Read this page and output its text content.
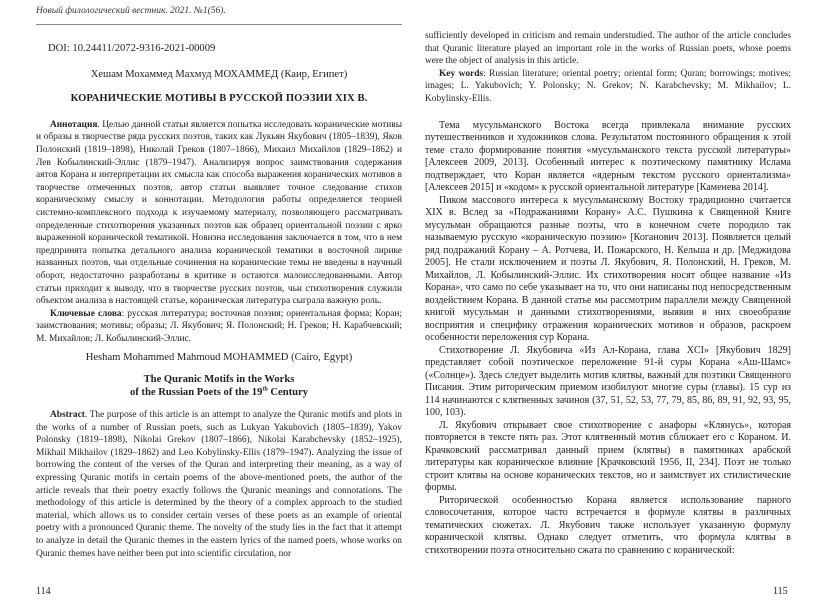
Новый филологический вестник. 2021. №1(56).

DOI: 10.24411/2072-9316-2021-00009

Хешам Мохаммед Махмуд МОХАММЕД (Каир, Египет)

КОРАНИЧЕСКИЕ МОТИВЫ В РУССКОЙ ПОЭЗИИ XIX В.

Аннотация. Целью данной статьи является попытка исследовать коранические мотивы и образы в творчестве ряда русских поэтов, таких как Лукьян Якубович (1805–1839), Яков Полонский (1819–1898), Николай Греков (1807–1866), Михаил Михайлов (1829–1862) и Лев Кобылинский-Эллис (1879–1947). Анализируя вопрос заимствования содержания аятов Корана и интерпретации их смысла как способа выражения коранических мотивов в творчестве отмеченных поэтов, автор статьи выявляет точное следование стихов кораническому смыслу и коннотации. Методология работы определяется теорией системно-комплексного подхода к изучаемому материалу, позволяющего рассматривать определенные стихотворения указанных поэтов как образец ориентальной поэзии с ярко выраженной коранической тематикой. Новизна исследования заключается в том, что в нем предпринята попытка детального анализа коранической тематики в восточной лирике названных поэтов, чьи отдельные сочинения на коранические темы не введены в научный оборот, недостаточно разработаны в критике и остаются малоисследованными. Автор статьи приходит к выводу, что в творчестве русских поэтов, чьи стихотворения служили объектом анализа в настоящей статье, кораническая литература сыграла важную роль.

Ключевые слова: русская литература; восточная поэзия; ориентальная форма; Коран; заимствования; мотивы; образы; Л. Якубович; Я. Полонский; Н. Греков; Н. Карабчевский; М. Михайлов; Л. Кобылинский-Эллис.

Hesham Mohammed Mahmoud MOHAMMED (Cairo, Egypt)

The Quranic Motifs in the Works
of the Russian Poets of the 19th Century

Abstract. The purpose of this article is an attempt to analyze the Quranic motifs and plots in the works of a number of Russian poets, such as Lukyan Yakubovich (1805–1839), Yakov Polonsky (1819–1898), Nikolai Grekov (1807–1866), Nikolai Karabchevsky (1852–1925), Mikhail Mikhailov (1829–1862) and Leo Kobylinsky-Ellis (1879–1947). Analyzing the issue of borrowing the content of the verses of the Quran and interpreting their meaning, as a way of expressing Quranic motifs in certain poems of the above-mentioned poets, the author of the article reveals that their poetry exactly follows the Quranic meanings and connotations. The methodology of this article is determined by the theory of a complex approach to the studied material, which allows us to consider certain verses of these poets as an example of oriental poetry with a pronounced Quranic theme. The novelty of the study lies in the fact that it attempt to analyze in detail the Quranic themes in the eastern lyrics of the named poets, whose works on Quranic themes have neither been put into scientific circulation, nor

sufficiently developed in criticism and remain understudied. The author of the article concludes that Quranic literature played an important role in the works of Russian poets, whose poems were the object of analysis in this article.

Key words: Russian literature; oriental poetry; oriental form; Quran; borrowings; motives; images; L. Yakubovich; Y. Polonsky; N. Grekov; N. Karabchevsky; M. Mikhailov; L. Kobylinsky-Ellis.

Тема мусульманского Востока всегда привлекала внимание русских путешественников и художников слова. Результатом постоянного обращения к этой теме стало формирование понятия «мусульманского текста русской литературы» [Алексеев 2009, 2013]. Особенный интерес к поэтическому памятнику Ислама подтверждает, что Коран является «ядерным текстом русского ориентализма» [Алексеев 2015] и «кодом» к русской ориентальной литературе [Каменева 2014].

Пиком массового интереса к мусульманскому Востоку традиционно считается XIX в. Вслед за «Подражаниями Корану» А.С. Пушкина к Священной Книге мусульман обращаются разные поэты, что в конечном счете породило так называемую русскую «кораническую поэзию» [Коганович 2013]. Появляется целый ряд подражаний Корану – А. Ротчева, И. Пожарского, Н. Кельша и др. [Меджидова 2005]. Не стали исключением и поэты Л. Якубович, Я. Полонский, Н. Греков, М. Михайлов, Л. Кобылинский-Эллис. Их стихотворения носят общее название «Из Корана», что само по себе указывает на то, что они написаны под непосредственным воздействием Корана. В данной статье мы рассмотрим параллели между Священной книгой мусульман и данными стихотворениями, выявив в них своеобразие восприятия и специфику отражения коранических мотивов и образов, раскроем особенности переложения сур Корана.

Стихотворение Л. Якубовича «Из Ал-Корана, глава XCI» [Якубович 1829] представляет собой поэтическое переложение 91-й суры Корана «Аш-Шамс» («Солнце»). Здесь следует выделить мотив клятвы, важный для поэтики Священного Писания. Этим риторическим приемом изобилуют многие суры (главы). 15 сур из 114 начинаются с клятвенных зачинов (37, 51, 52, 53, 77, 79, 85, 86, 89, 91, 92, 93, 95, 100, 103).

Л. Якубович открывает свое стихотворение с анафоры «Клянусь», которая повторяется в тексте пять раз. Этот клятвенный мотив сближает его с Кораном. И. Крачковский рассматривал данный прием (клятвы) в памятниках арабской литературы как кораническое влияние [Крачковский 1956, II, 234]. Поэт не только строит клятвы на основе коранических текстов, но и заимствует их стилистические формы.

Риторической особенностью Корана является использование парного словосочетания, которое часто встречается в формуле клятвы в различных тематических сюжетах. Л. Якубович также использует указанную формулу коранической клятвы. Однако следует отметить, что формула клятвы в стихотворении поэта относительно сжата по сравнению с коранической:

114	115
